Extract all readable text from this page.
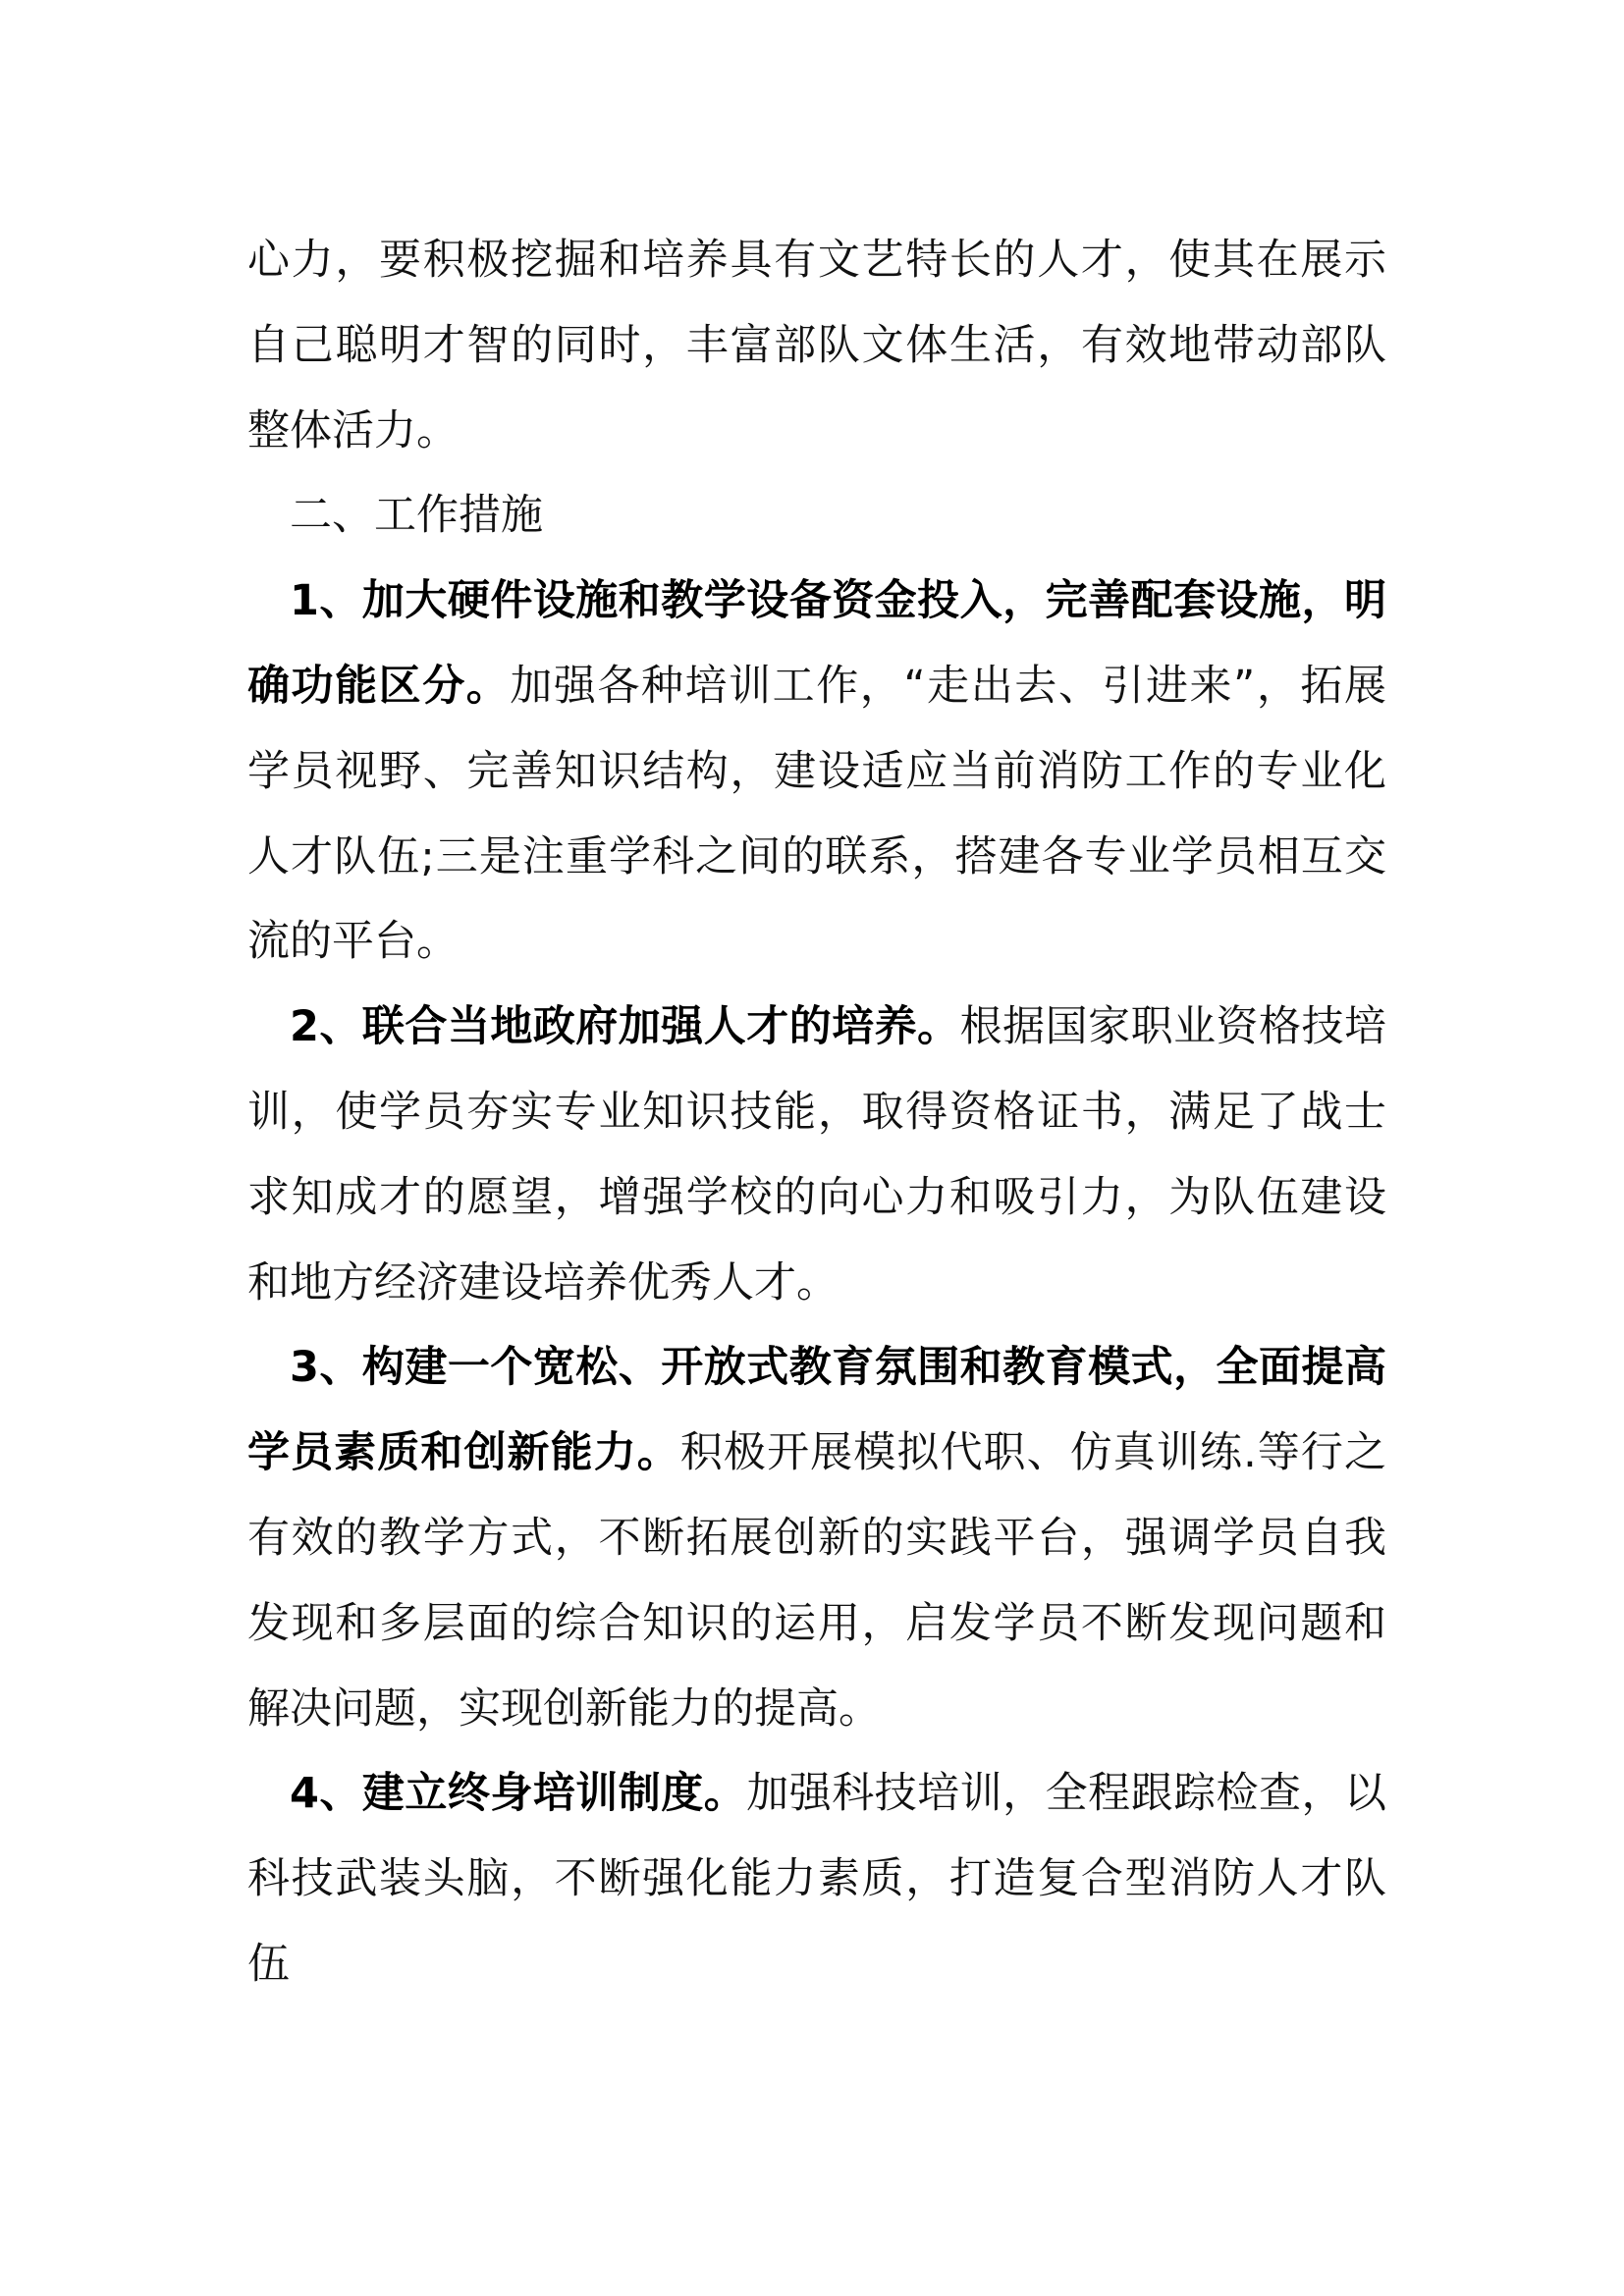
心力，要积极挖掘和培养具有文艺特长的人才，使其在展示自己聪明才智的同时，丰富部队文体生活，有效地带动部队整体活力。

二、工作措施

1、加大硬件设施和教学设备资金投入，完善配套设施，明确功能区分。加强各种培训工作，“走出去、引进来”，拓展学员视野、完善知识结构，建设适应当前消防工作的专业化人才队伍;三是注重学科之间的联系，搭建各专业学员相互交流的平台。

2、联合当地政府加强人才的培养。根据国家职业资格技培训，使学员夯实专业知识技能，取得资格证书，满足了战士求知成才的愿望，增强学校的向心力和吸引力，为队伍建设和地方经济建设培养优秀人才。

3、构建一个宽松、开放式教育氛围和教育模式，全面提高学员素质和创新能力。积极开展模拟代职、仿真训练.等行之有效的教学方式，不断拓展创新的实践平台，强调学员自我发现和多层面的综合知识的运用，启发学员不断发现问题和解决问题，实现创新能力的提高。

4、建立终身培训制度。加强科技培训，全程跟踪检查，以科技武装头脑，不断强化能力素质，打造复合型消防人才队伍
